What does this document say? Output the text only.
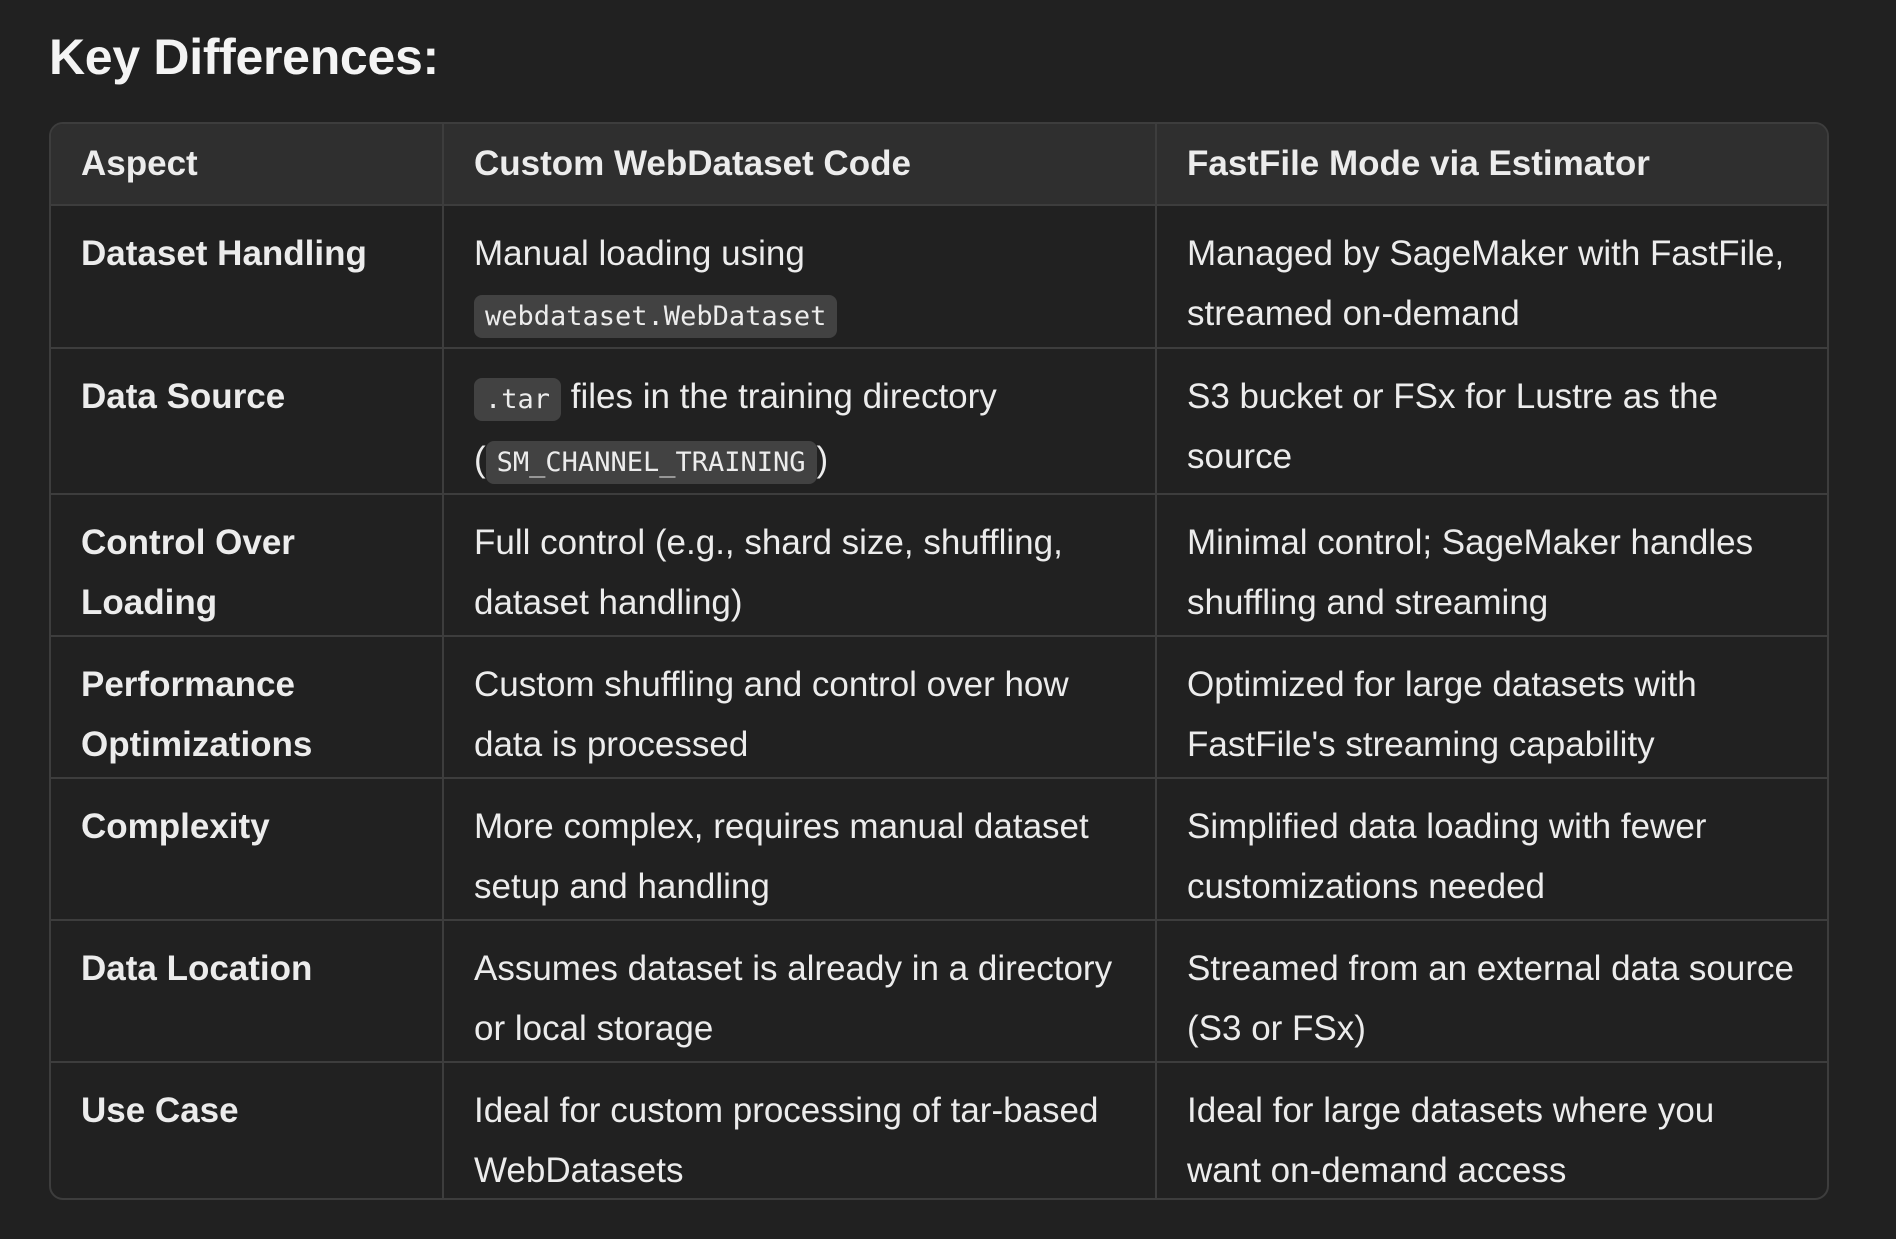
Key Differences:
Aspect	Custom WebDataset Code	FastFile Mode via Estimator
Dataset Handling	Manual loading using webdataset.WebDataset	Managed by SageMaker with FastFile, streamed on-demand
Data Source	.tar files in the training directory ( SM_CHANNEL_TRAINING )	S3 bucket or FSx for Lustre as the source
Control Over Loading	Full control (e.g., shard size, shuffling, dataset handling)	Minimal control; SageMaker handles shuffling and streaming
Performance Optimizations	Custom shuffling and control over how data is processed	Optimized for large datasets with FastFile's streaming capability
Complexity	More complex, requires manual dataset setup and handling	Simplified data loading with fewer customizations needed
Data Location	Assumes dataset is already in a directory or local storage	Streamed from an external data source (S3 or FSx)
Use Case	Ideal for custom processing of tar-based WebDatasets	Ideal for large datasets where you want on-demand access
